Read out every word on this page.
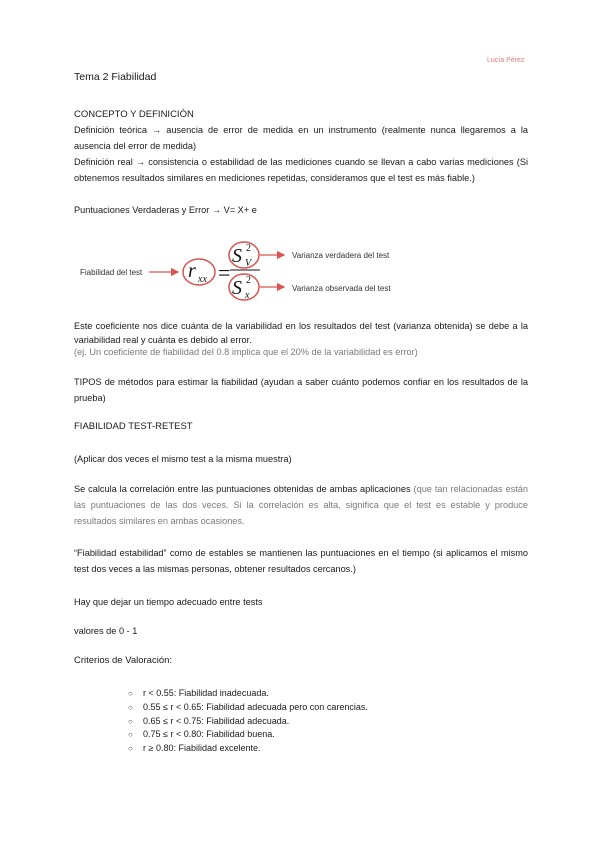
Lucía Pérez
Tema 2 Fiabilidad
CONCEPTO Y DEFINICIÓN
Definición teórica → ausencia de error de medida en un instrumento (realmente nunca llegaremos a la ausencia del error de medida)
Definición real → consistencia o estabilidad de las mediciones cuando se llevan a cabo varias mediciones (Si obtenemos resultados similares en mediciones repetidas, consideramos que el test es más fiable.)
Puntuaciones Verdaderas y Error → V= X+ e
Fiabilidad del test r xx =
S 2
V
S 2
x
Varianza verdadera del test
Varianza observada del test
Este coeficiente nos dice cuánta de la variabilidad en los resultados del test (varianza obtenida) se debe a la variabilidad real y cuánta es debido al error.
(ej. Un coeficiente de fiabilidad del 0.8 implica que el 20% de la variabilidad es error)
TIPOS de métodos para estimar la fiabilidad (ayudan a saber cuánto podemos confiar en los resultados de la prueba)
FIABILIDAD TEST-RETEST
(Aplicar dos veces el mismo test a la misma muestra)
Se calcula la correlación entre las puntuaciones obtenidas de ambas aplicaciones (que tan relacionadas están las puntuaciones de las dos veces. Si la correlación es alta, significa que el test es estable y produce resultados similares en ambas ocasiones.
“Fiabilidad estabilidad” como de estables se mantienen las puntuaciones en el tiempo (si aplicamos el mismo test dos veces a las mismas personas, obtener resultados cercanos.)
Hay que dejar un tiempo adecuado entre tests
valores de 0 - 1
Criterios de Valoración:
○	r < 0.55: Fiabilidad inadecuada.
○	0.55 ≤ r < 0.65: Fiabilidad adecuada pero con carencias.
○	0.65 ≤ r < 0.75: Fiabilidad adecuada.
○	0.75 ≤ r < 0.80: Fiabilidad buena.
○	r ≥ 0.80: Fiabilidad excelente.
